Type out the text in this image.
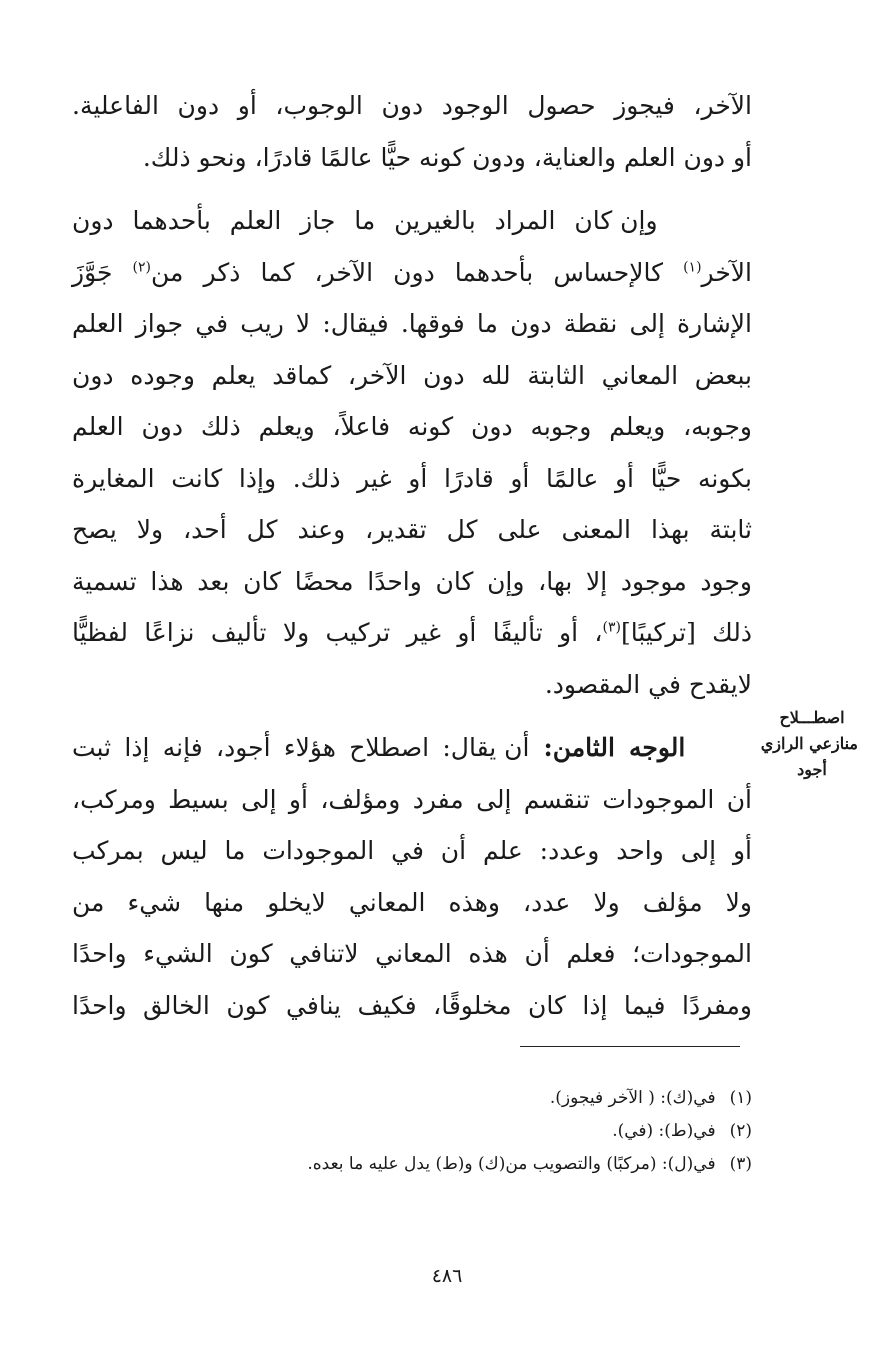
الآخر، فيجوز حصول الوجود دون الوجوب، أو دون الفاعلية.
أو دون العلم والعناية، ودون كونه حيًّا عالمًا قادرًا، ونحو ذلك.
وإن كان المراد بالغيرين ما جاز العلم بأحدهما دون
الآخر$^{(١)}$ كالإحساس بأحدهما دون الآخر، كما ذكر من$^{(٢)}$ جَوَّزَ
الإشارة إلى نقطة دون ما فوقها. فيقال: لا ريب في جواز العلم
ببعض المعاني الثابتة لله دون الآخر، كماقد يعلم وجوده دون
وجوبه، ويعلم وجوبه دون كونه فاعلاً، ويعلم ذلك دون العلم
بكونه حيًّا أو عالمًا أو قادرًا أو غير ذلك. وإذا كانت المغايرة
ثابتة بهذا المعنى على كل تقدير، وعند كل أحد، ولا يصح
وجود موجود إلا بها، وإن كان واحدًا محضًا كان بعد هذا تسمية
ذلك [تركيبًا]$^{(٣)}$، أو تأليفًا أو غير تركيب ولا تأليف نزاعًا لفظيًّا
لايقدح في المقصود.
الوجه الثامن: أن يقال: اصطلاح هؤلاء أجود، فإنه إذا ثبت
أن الموجودات تنقسم إلى مفرد ومؤلف، أو إلى بسيط ومركب،
أو إلى واحد وعدد: علم أن في الموجودات ما ليس بمركب
ولا مؤلف ولا عدد، وهذه المعاني لايخلو منها شيء من
الموجودات؛ فعلم أن هذه المعاني لاتنافي كون الشيء واحدًا
ومفردًا فيما إذا كان مخلوقًا، فكيف ينافي كون الخالق واحدًا
اصطـــلاح
منازعي الرازي
أجود
(١)في(ك): ( الآخر فيجوز).
(٢)في(ط): (في).
(٣)في(ل): (مركبًا) والتصويب من(ك) و(ط) يدل عليه ما بعده.
٤٨٦
